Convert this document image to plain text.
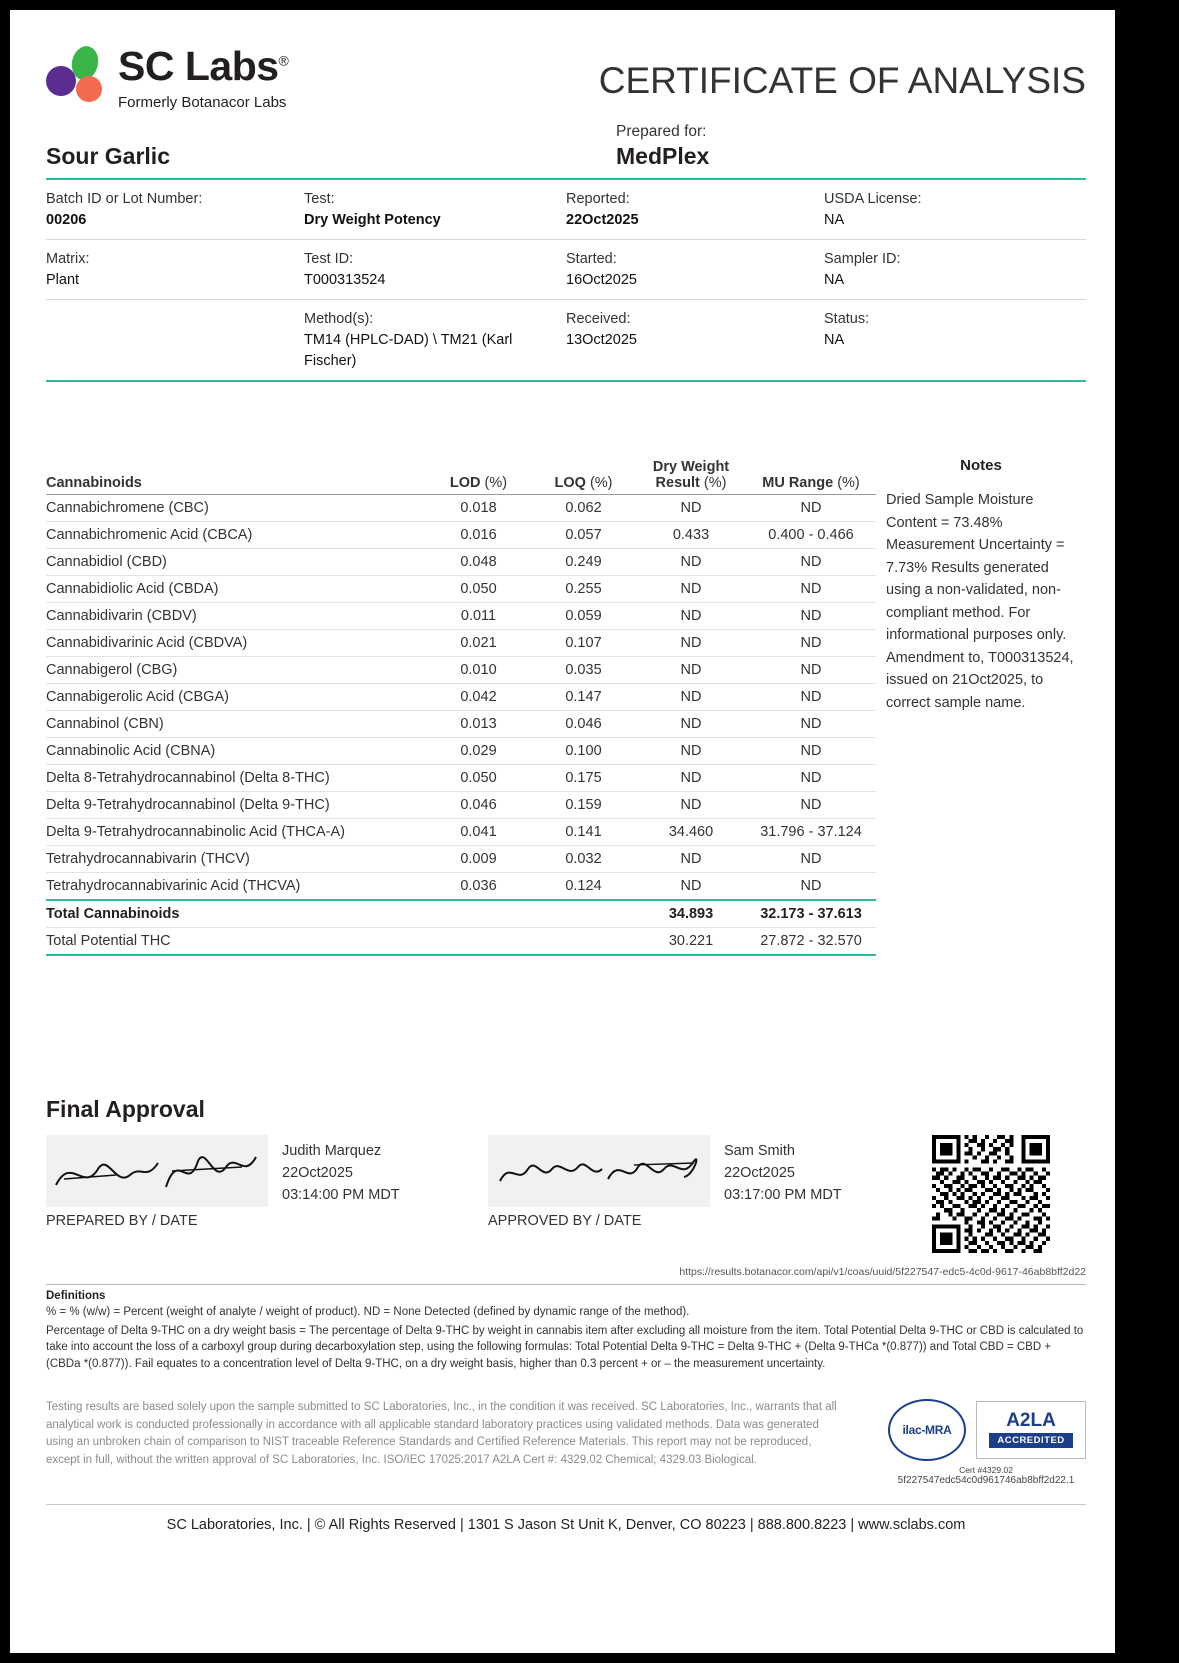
SC Labs®
Formerly Botanacor Labs
CERTIFICATE OF ANALYSIS
Sour Garlic
Prepared for:
MedPlex
Batch ID or Lot Number:
00206
Test:
Dry Weight Potency
Reported:
22Oct2025
USDA License:
NA
Matrix:
Plant
Test ID:
T000313524
Started:
16Oct2025
Sampler ID:
NA
Method(s):
TM14 (HPLC-DAD) \ TM21 (Karl Fischer)
Received:
13Oct2025
Status:
NA
Cannabinoids	LOD (%)	LOQ (%)	Dry Weight
Result (%)	MU Range (%)
Cannabichromene (CBC)	0.018	0.062	ND	ND
Cannabichromenic Acid (CBCA)	0.016	0.057	0.433	0.400 - 0.466
Cannabidiol (CBD)	0.048	0.249	ND	ND
Cannabidiolic Acid (CBDA)	0.050	0.255	ND	ND
Cannabidivarin (CBDV)	0.011	0.059	ND	ND
Cannabidivarinic Acid (CBDVA)	0.021	0.107	ND	ND
Cannabigerol (CBG)	0.010	0.035	ND	ND
Cannabigerolic Acid (CBGA)	0.042	0.147	ND	ND
Cannabinol (CBN)	0.013	0.046	ND	ND
Cannabinolic Acid (CBNA)	0.029	0.100	ND	ND
Delta 8-Tetrahydrocannabinol (Delta 8-THC)	0.050	0.175	ND	ND
Delta 9-Tetrahydrocannabinol (Delta 9-THC)	0.046	0.159	ND	ND
Delta 9-Tetrahydrocannabinolic Acid (THCA-A)	0.041	0.141	34.460	31.796 - 37.124
Tetrahydrocannabivarin (THCV)	0.009	0.032	ND	ND
Tetrahydrocannabivarinic Acid (THCVA)	0.036	0.124	ND	ND
Total Cannabinoids			34.893	32.173 - 37.613
Total Potential THC			30.221	27.872 - 32.570
Notes
Dried Sample Moisture Content = 73.48% Measurement Uncertainty = 7.73% Results generated using a non-validated, non-compliant method. For informational purposes only. Amendment to, T000313524, issued on 21Oct2025, to correct sample name.
Final Approval
Judith Marquez
22Oct2025
03:14:00 PM MDT
PREPARED BY / DATE
Sam Smith
22Oct2025
03:17:00 PM MDT
APPROVED BY / DATE
https://results.botanacor.com/api/v1/coas/uuid/5f227547-edc5-4c0d-9617-46ab8bff2d22
Definitions

% = % (w/w) = Percent (weight of analyte / weight of product). ND = None Detected (defined by dynamic range of the method).

Percentage of Delta 9-THC on a dry weight basis = The percentage of Delta 9-THC by weight in cannabis item after excluding all moisture from the item. Total Potential Delta 9-THC or CBD is calculated to take into account the loss of a carboxyl group during decarboxylation step, using the following formulas: Total Potential Delta 9-THC = Delta 9-THC + (Delta 9-THCa *(0.877)) and Total CBD = CBD + (CBDa *(0.877)). Fail equates to a concentration level of Delta 9-THC, on a dry weight basis, higher than 0.3 percent + or – the measurement uncertainty.

Testing results are based solely upon the sample submitted to SC Laboratories, Inc., in the condition it was received. SC Laboratories, Inc., warrants that all analytical work is conducted professionally in accordance with all applicable standard laboratory practices using validated methods. Data was generated using an unbroken chain of comparison to NIST traceable Reference Standards and Certified Reference Materials. This report may not be reproduced, except in full, without the written approval of SC Laboratories, Inc. ISO/IEC 17025:2017 A2LA Cert #: 4329.02 Chemical; 4329.03 Biological.
ilac-MRA	A2LA
ACCREDITED
Cert #4329.02
5f227547edc54c0d961746ab8bff2d22.1
SC Laboratories, Inc. | © All Rights Reserved | 1301 S Jason St Unit K, Denver, CO 80223 | 888.800.8223 | www.sclabs.com
